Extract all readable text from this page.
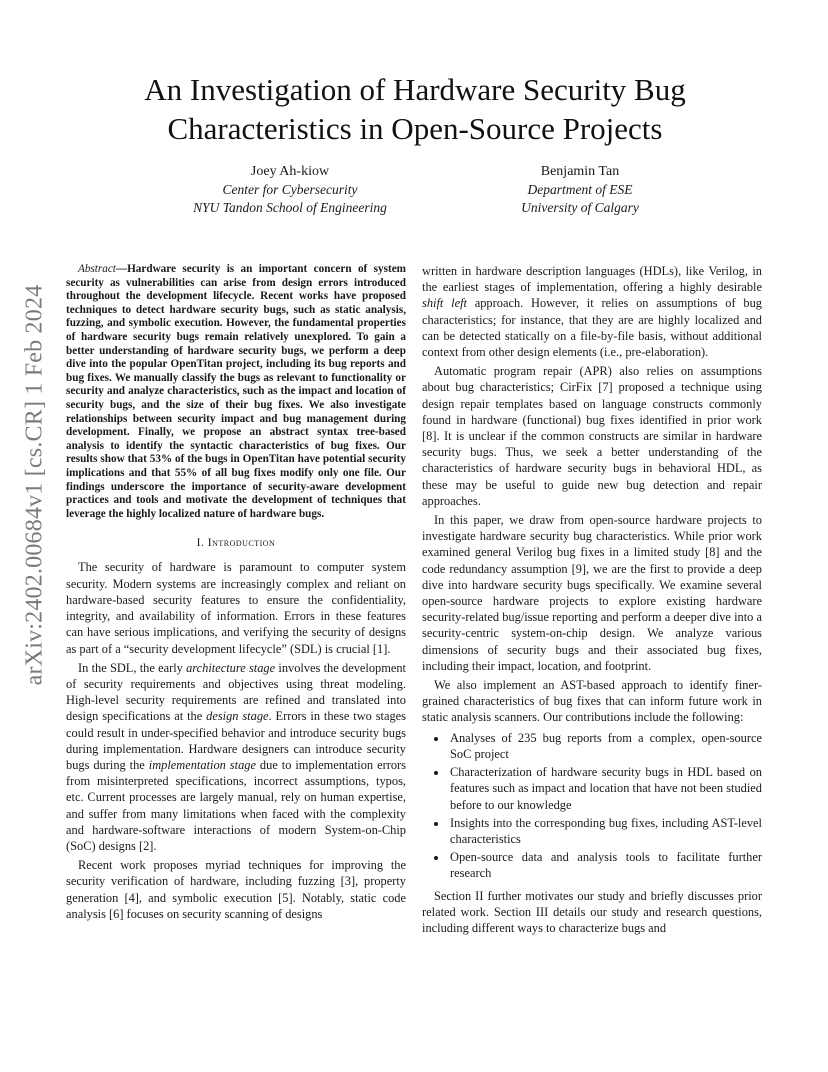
arXiv:2402.00684v1 [cs.CR] 1 Feb 2024
An Investigation of Hardware Security Bug
Characteristics in Open-Source Projects
Joey Ah-kiow
Center for Cybersecurity
NYU Tandon School of Engineering
Benjamin Tan
Department of ESE
University of Calgary

Abstract—Hardware security is an important concern of system security as vulnerabilities can arise from design errors introduced throughout the development lifecycle. Recent works have proposed techniques to detect hardware security bugs, such as static analysis, fuzzing, and symbolic execution. However, the fundamental properties of hardware security bugs remain relatively unexplored. To gain a better understanding of hardware security bugs, we perform a deep dive into the popular OpenTitan project, including its bug reports and bug fixes. We manually classify the bugs as relevant to functionality or security and analyze characteristics, such as the impact and location of security bugs, and the size of their bug fixes. We also investigate relationships between security impact and bug management during development. Finally, we propose an abstract syntax tree-based analysis to identify the syntactic characteristics of bug fixes. Our results show that 53% of the bugs in OpenTitan have potential security implications and that 55% of all bug fixes modify only one file. Our findings underscore the importance of security-aware development practices and tools and motivate the development of techniques that leverage the highly localized nature of hardware bugs.

I. Introduction

The security of hardware is paramount to computer system security. Modern systems are increasingly complex and reliant on hardware-based security features to ensure the confidentiality, integrity, and availability of information. Errors in these features can have serious implications, and verifying the security of designs as part of a “security development lifecycle” (SDL) is crucial [1].

In the SDL, the early architecture stage involves the development of security requirements and objectives using threat modeling. High-level security requirements are refined and translated into design specifications at the design stage. Errors in these two stages could result in under-specified behavior and introduce security bugs during implementation. Hardware designers can introduce security bugs during the implementation stage due to implementation errors from misinterpreted specifications, incorrect assumptions, typos, etc. Current processes are largely manual, rely on human expertise, and suffer from many limitations when faced with the complexity and hardware-software interactions of modern System-on-Chip (SoC) designs [2].

Recent work proposes myriad techniques for improving the security verification of hardware, including fuzzing [3], property generation [4], and symbolic execution [5]. Notably, static code analysis [6] focuses on security scanning of designs

written in hardware description languages (HDLs), like Verilog, in the earliest stages of implementation, offering a highly desirable shift left approach. However, it relies on assumptions of bug characteristics; for instance, that they are are highly localized and can be detected statically on a file-by-file basis, without additional context from other design elements (i.e., pre-elaboration).

Automatic program repair (APR) also relies on assumptions about bug characteristics; CirFix [7] proposed a technique using design repair templates based on language constructs commonly found in hardware (functional) bug fixes identified in prior work [8]. It is unclear if the common constructs are similar in hardware security bugs. Thus, we seek a better understanding of the characteristics of hardware security bugs in behavioral HDL, as these may be useful to guide new bug detection and repair approaches.

In this paper, we draw from open-source hardware projects to investigate hardware security bug characteristics. While prior work examined general Verilog bug fixes in a limited study [8] and the code redundancy assumption [9], we are the first to provide a deep dive into hardware security bugs specifically. We examine several open-source hardware projects to explore existing hardware security-related bug/issue reporting and perform a deeper dive into a security-centric system-on-chip design. We analyze various dimensions of security bugs and their associated bug fixes, including their impact, location, and footprint.

We also implement an AST-based approach to identify finer-grained characteristics of bug fixes that can inform future work in static analysis scanners. Our contributions include the following:

• Analyses of 235 bug reports from a complex, open-source SoC project
• Characterization of hardware security bugs in HDL based on features such as impact and location that have not been studied before to our knowledge
• Insights into the corresponding bug fixes, including AST-level characteristics
• Open-source data and analysis tools to facilitate further research

Section II further motivates our study and briefly discusses prior related work. Section III details our study and research questions, including different ways to characterize bugs and
